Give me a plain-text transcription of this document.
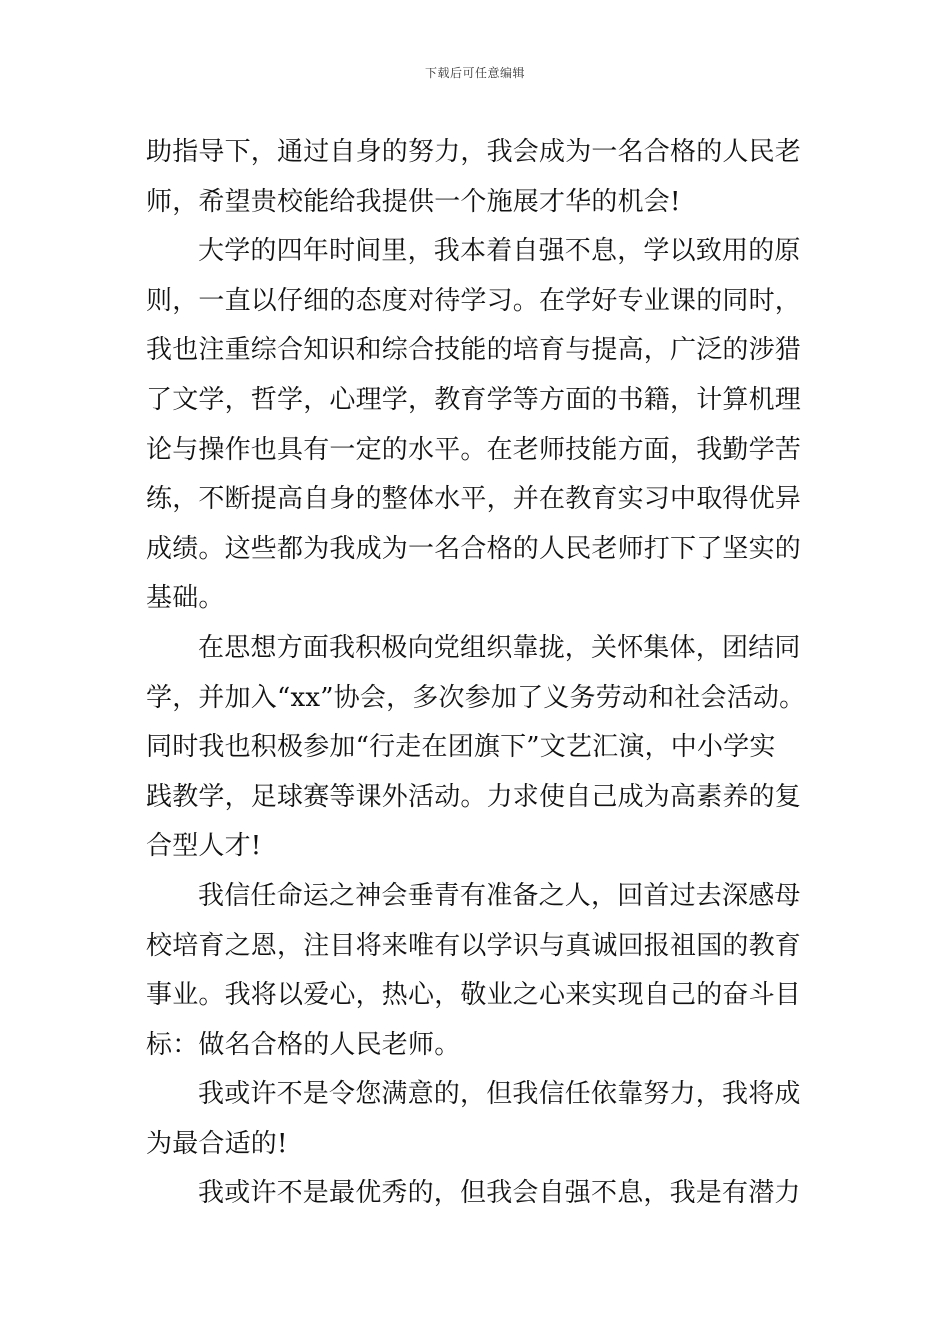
下载后可任意编辑
助指导下，通过自身的努力，我会成为一名合格的人民老
师，希望贵校能给我提供一个施展才华的机会!
大学的四年时间里，我本着自强不息，学以致用的原
则，一直以仔细的态度对待学习。在学好专业课的同时，
我也注重综合知识和综合技能的培育与提高，广泛的涉猎
了文学，哲学，心理学，教育学等方面的书籍，计算机理
论与操作也具有一定的水平。在老师技能方面，我勤学苦
练，不断提高自身的整体水平，并在教育实习中取得优异
成绩。这些都为我成为一名合格的人民老师打下了坚实的
基础。
在思想方面我积极向党组织靠拢，关怀集体，团结同
学，并加入“xx”协会，多次参加了义务劳动和社会活动。
同时我也积极参加“行走在团旗下”文艺汇演，中小学实
践教学，足球赛等课外活动。力求使自己成为高素养的复
合型人才!
我信任命运之神会垂青有准备之人，回首过去深感母
校培育之恩，注目将来唯有以学识与真诚回报祖国的教育
事业。我将以爱心，热心，敬业之心来实现自己的奋斗目
标：做名合格的人民老师。
我或许不是令您满意的，但我信任依靠努力，我将成
为最合适的!
我或许不是最优秀的，但我会自强不息，我是有潜力
